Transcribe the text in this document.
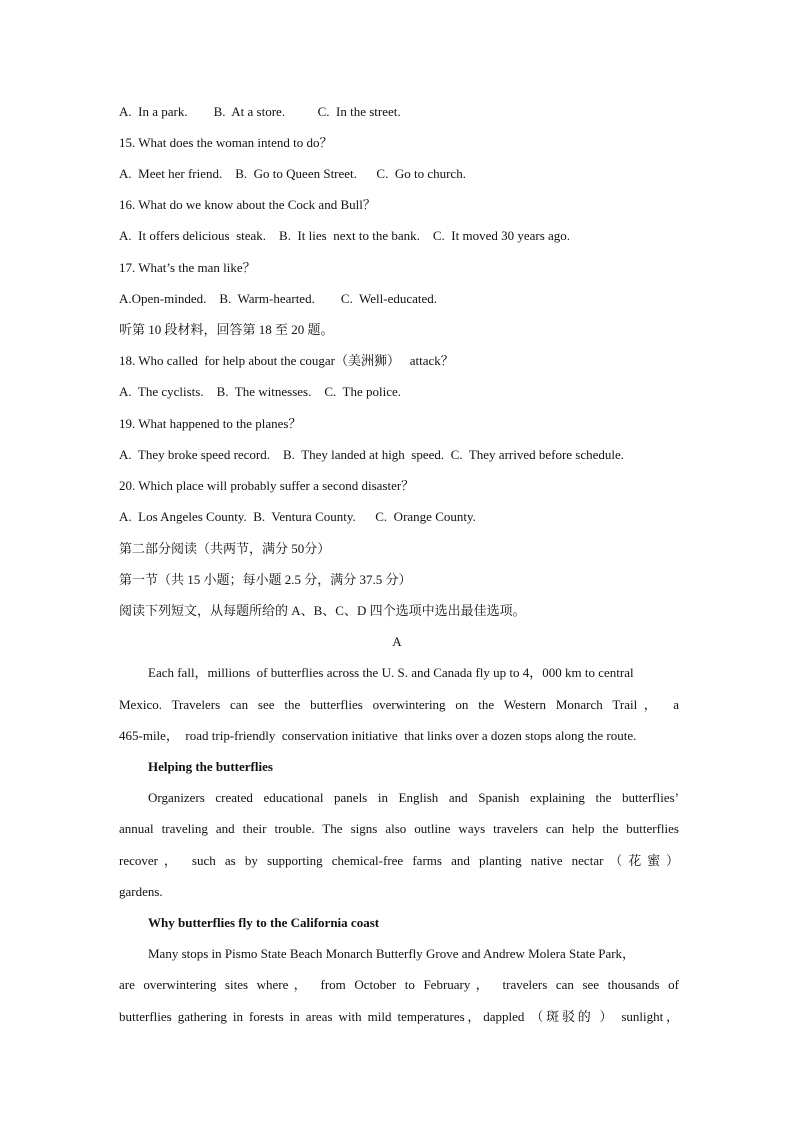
A.  In a park.        B.  At a store.          C.  In the street.
15. What does the woman intend to do？
A.  Meet her friend.    B.  Go to Queen Street.      C.  Go to church.
16. What do we know about the Cock and Bull？
A.  It offers delicious  steak.    B.  It lies  next to the bank.    C.  It moved 30 years ago.
17. What’s the man like？
A.Open-minded.    B.  Warm-hearted.        C.  Well-educated.
听第 10 段材料，回答第 18 至 20 题。
18. Who called  for help about the cougar（美洲狮）   attack？
A.  The cyclists.    B.  The witnesses.    C.  The police.
19. What happened to the planes？
A.  They broke speed record.    B.  They landed at high  speed.  C.  They arrived before schedule.
20. Which place will probably suffer a second disaster？
A.  Los Angeles County.  B.  Ventura County.      C.  Orange County.
第二部分阅读（共两节，满分 50分）
第一节（共 15 小题；每小题 2.5 分，满分 37.5 分）
阅读下列短文，从每题所给的 A、B、C、D 四个选项中选出最佳选项。
A
Each fall，millions  of butterflies across the U. S. and Canada fly up to 4，000 km to central
Mexico. Travelers can see the butterflies overwintering on the Western Monarch Trail， a
465-mile，  road trip-friendly  conservation initiative  that links over a dozen stops along the route.
Helping the butterflies
Organizers created educational panels in English and Spanish explaining the butterflies’
annual traveling and their trouble. The signs also outline ways travelers can help the butterflies
recover， such as by supporting chemical-free farms and planting native nectar（花蜜）
gardens.
Why butterflies fly to the California coast
Many stops in Pismo State Beach Monarch Butterfly Grove and Andrew Molera State Park，
are overwintering sites where， from October to February， travelers can see thousands of
butterflies gathering in forests in areas with mild temperatures，dappled （斑驳的 ） sunlight，
